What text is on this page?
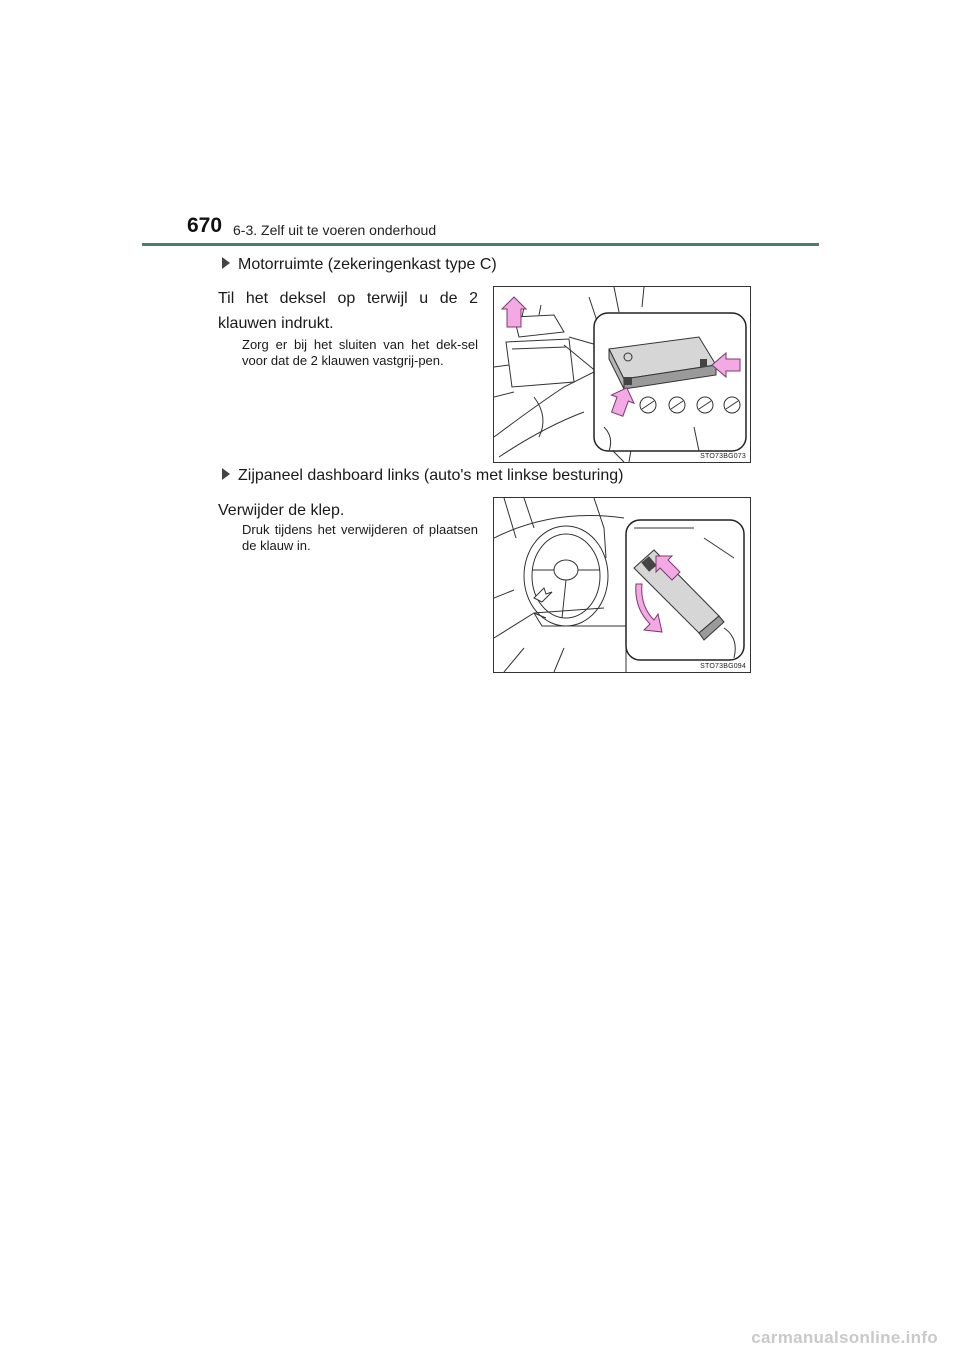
670 6-3. Zelf uit te voeren onderhoud
Motorruimte (zekeringenkast type C)
Til het deksel op terwijl u de 2 klauwen indrukt.
Zorg er bij het sluiten van het dek-sel voor dat de 2 klauwen vastgrij-pen.
STO73BG073
Zijpaneel dashboard links (auto's met linkse besturing)
Verwijder de klep.
Druk tijdens het verwijderen of plaatsen de klauw in.
STO73BG094
carmanualsonline.info
